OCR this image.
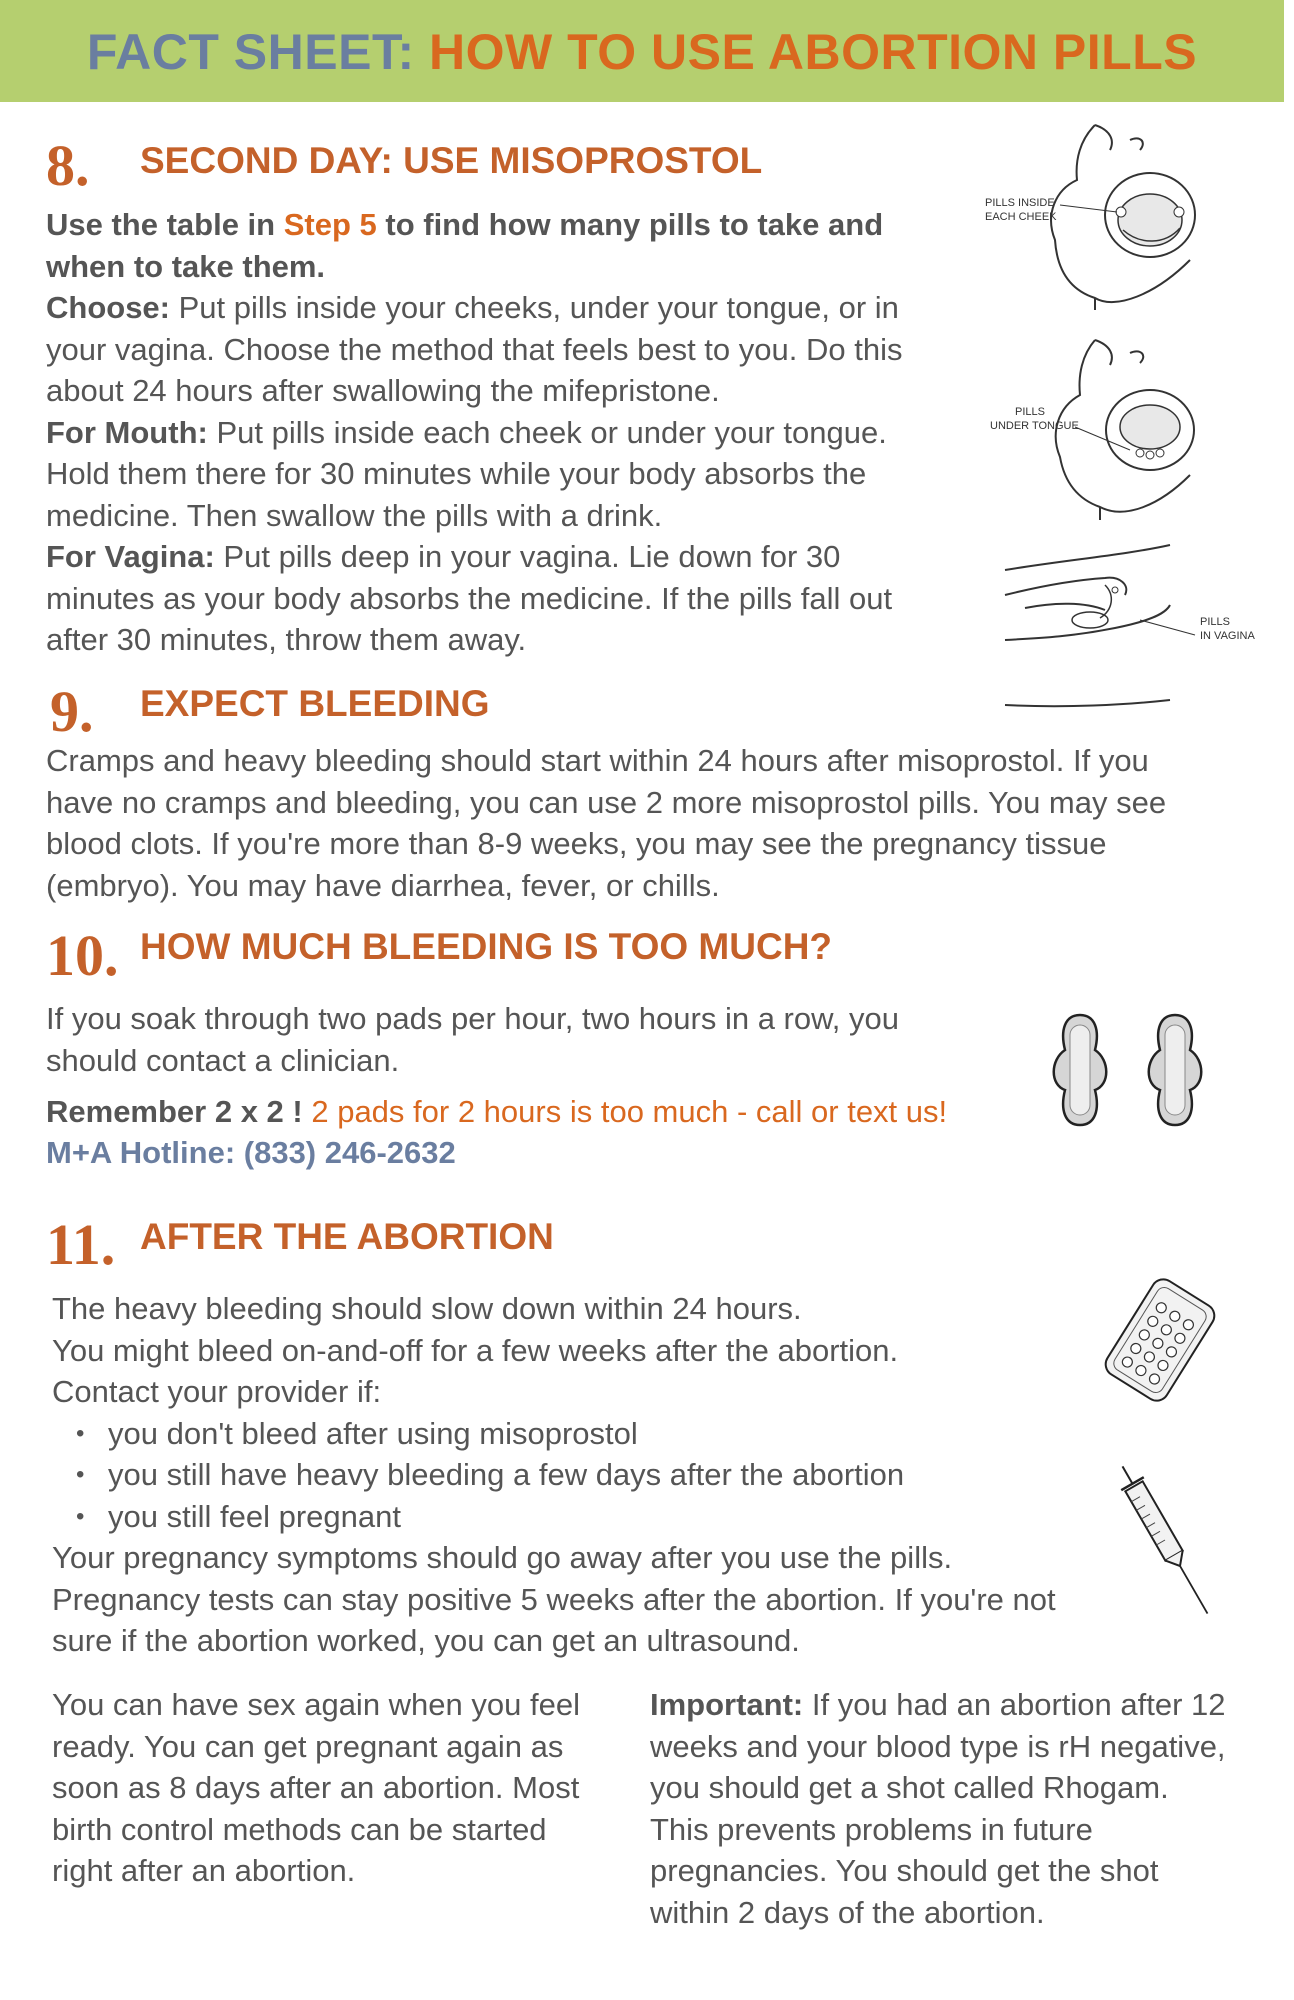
FACT SHEET: HOW TO USE ABORTION PILLS
8. SECOND DAY: USE MISOPROSTOL
Use the table in Step 5 to find how many pills to take and when to take them.
Choose: Put pills inside your cheeks, under your tongue, or in your vagina. Choose the method that feels best to you. Do this about 24 hours after swallowing the mifepristone.
For Mouth: Put pills inside each cheek or under your tongue. Hold them there for 30 minutes while your body absorbs the medicine. Then swallow the pills with a drink.
For Vagina: Put pills deep in your vagina. Lie down for 30 minutes as your body absorbs the medicine. If the pills fall out after 30 minutes, throw them away.
PILLS INSIDE
EACH CHEEK
PILLS
UNDER TONGUE
PILLS
IN VAGINA
9. EXPECT BLEEDING
Cramps and heavy bleeding should start within 24 hours after misoprostol. If you have no cramps and bleeding, you can use 2 more misoprostol pills. You may see blood clots. If you're more than 8-9 weeks, you may see the pregnancy tissue (embryo). You may have diarrhea, fever, or chills.
10. HOW MUCH BLEEDING IS TOO MUCH?
If you soak through two pads per hour, two hours in a row, you should contact a clinician.
Remember 2 x 2 ! 2 pads for 2 hours is too much - call or text us!
M+A Hotline: (833) 246-2632
11. AFTER THE ABORTION
The heavy bleeding should slow down within 24 hours.
You might bleed on-and-off for a few weeks after the abortion.
Contact your provider if:
• you don't bleed after using misoprostol
• you still have heavy bleeding a few days after the abortion
• you still feel pregnant
Your pregnancy symptoms should go away after you use the pills.
Pregnancy tests can stay positive 5 weeks after the abortion. If you're not sure if the abortion worked, you can get an ultrasound.
You can have sex again when you feel ready. You can get pregnant again as soon as 8 days after an abortion. Most birth control methods can be started right after an abortion.
Important: If you had an abortion after 12 weeks and your blood type is rH negative, you should get a shot called Rhogam. This prevents problems in future pregnancies. You should get the shot within 2 days of the abortion.
